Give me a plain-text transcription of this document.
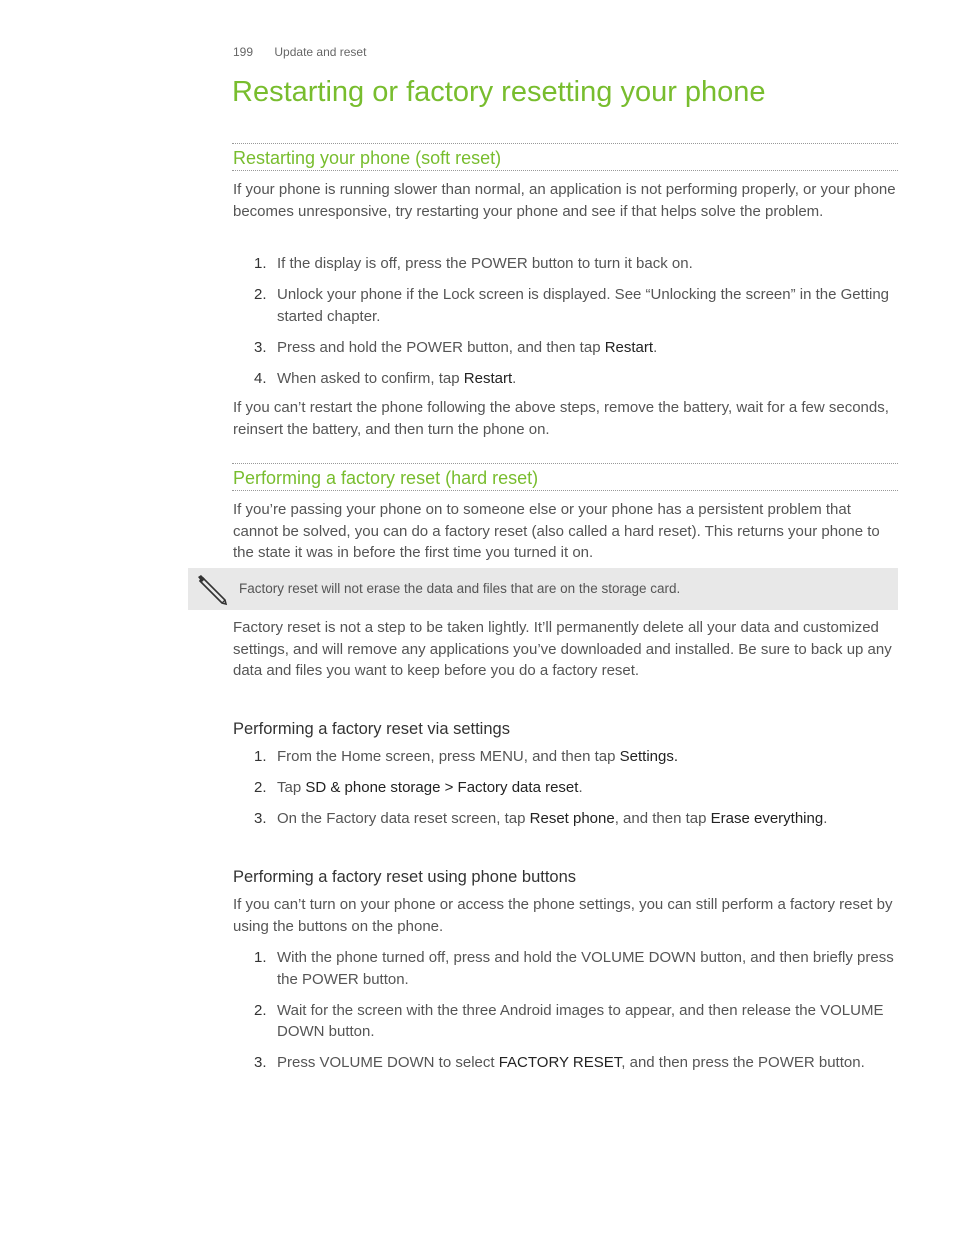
199 Update and reset
Restarting or factory resetting your phone
Restarting your phone (soft reset)

If your phone is running slower than normal, an application is not performing properly, or your phone becomes unresponsive, try restarting your phone and see if that helps solve the problem.

1. If the display is off, press the POWER button to turn it back on.
2. Unlock your phone if the Lock screen is displayed. See “Unlocking the screen” in the Getting started chapter.
3. Press and hold the POWER button, and then tap Restart.
4. When asked to confirm, tap Restart.

If you can’t restart the phone following the above steps, remove the battery, wait for a few seconds, reinsert the battery, and then turn the phone on.

Performing a factory reset (hard reset)

If you’re passing your phone on to someone else or your phone has a persistent problem that cannot be solved, you can do a factory reset (also called a hard reset). This returns your phone to the state it was in before the first time you turned it on.

Factory reset will not erase the data and files that are on the storage card.

Factory reset is not a step to be taken lightly. It’ll permanently delete all your data and customized settings, and will remove any applications you’ve downloaded and installed. Be sure to back up any data and files you want to keep before you do a factory reset.

Performing a factory reset via settings
1. From the Home screen, press MENU, and then tap Settings.
2. Tap SD & phone storage > Factory data reset.
3. On the Factory data reset screen, tap Reset phone, and then tap Erase everything.
Performing a factory reset using phone buttons

If you can’t turn on your phone or access the phone settings, you can still perform a factory reset by using the buttons on the phone.

1. With the phone turned off, press and hold the VOLUME DOWN button, and then briefly press the POWER button.
2. Wait for the screen with the three Android images to appear, and then release the VOLUME DOWN button.
3. Press VOLUME DOWN to select FACTORY RESET, and then press the POWER button.
